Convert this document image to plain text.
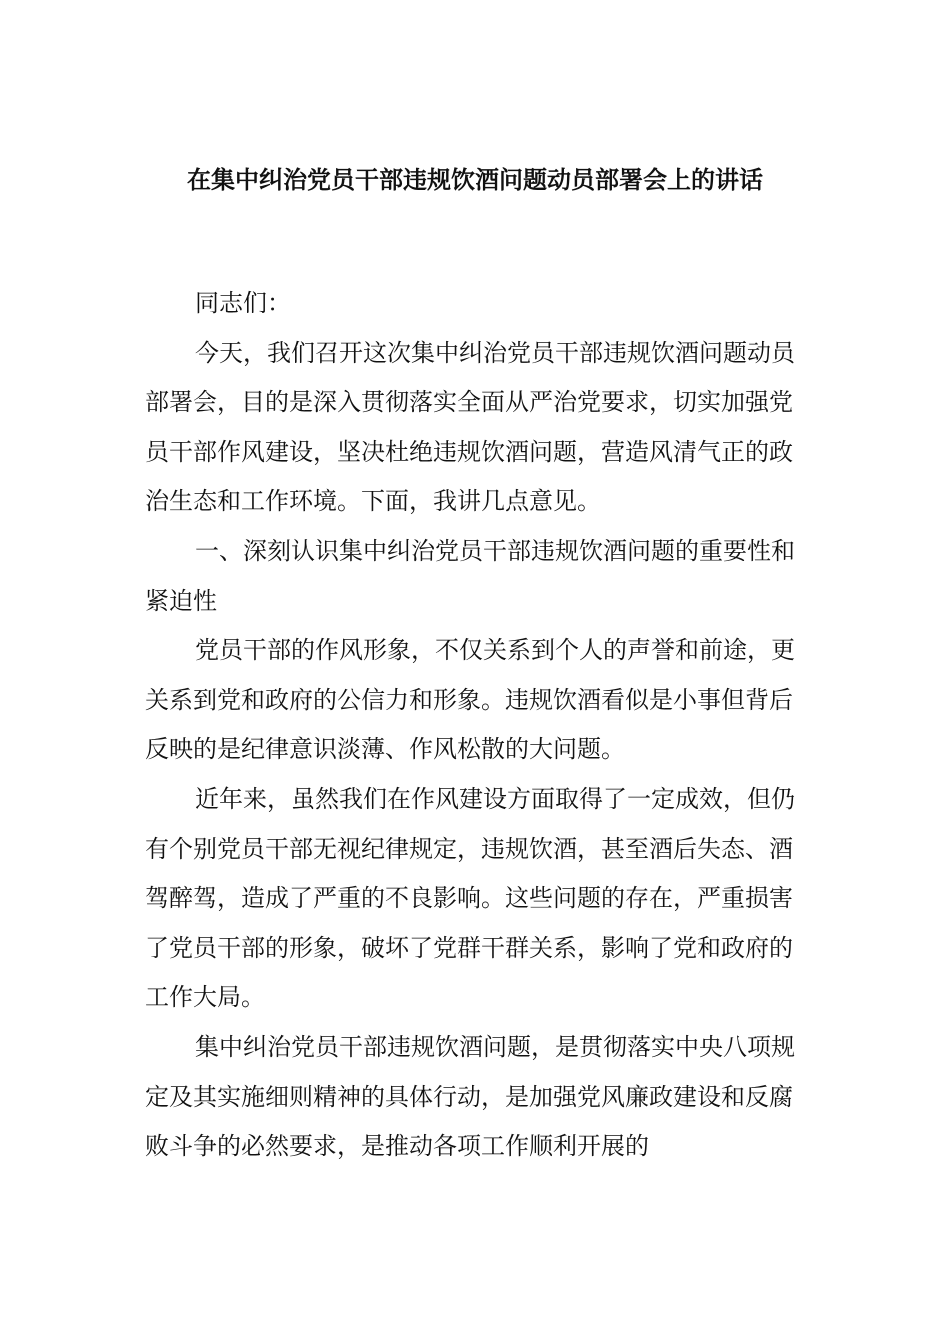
在集中纠治党员干部违规饮酒问题动员部署会上的讲话

同志们：

今天，我们召开这次集中纠治党员干部违规饮酒问题动员部署会，目的是深入贯彻落实全面从严治党要求，切实加强党员干部作风建设，坚决杜绝违规饮酒问题，营造风清气正的政治生态和工作环境。下面，我讲几点意见。

一、深刻认识集中纠治党员干部违规饮酒问题的重要性和紧迫性

党员干部的作风形象，不仅关系到个人的声誉和前途，更关系到党和政府的公信力和形象。违规饮酒看似是小事但背后反映的是纪律意识淡薄、作风松散的大问题。

近年来，虽然我们在作风建设方面取得了一定成效，但仍有个别党员干部无视纪律规定，违规饮酒，甚至酒后失态、酒驾醉驾，造成了严重的不良影响。这些问题的存在，严重损害了党员干部的形象，破坏了党群干群关系，影响了党和政府的工作大局。

集中纠治党员干部违规饮酒问题，是贯彻落实中央八项规定及其实施细则精神的具体行动，是加强党风廉政建设和反腐败斗争的必然要求，是推动各项工作顺利开展的
